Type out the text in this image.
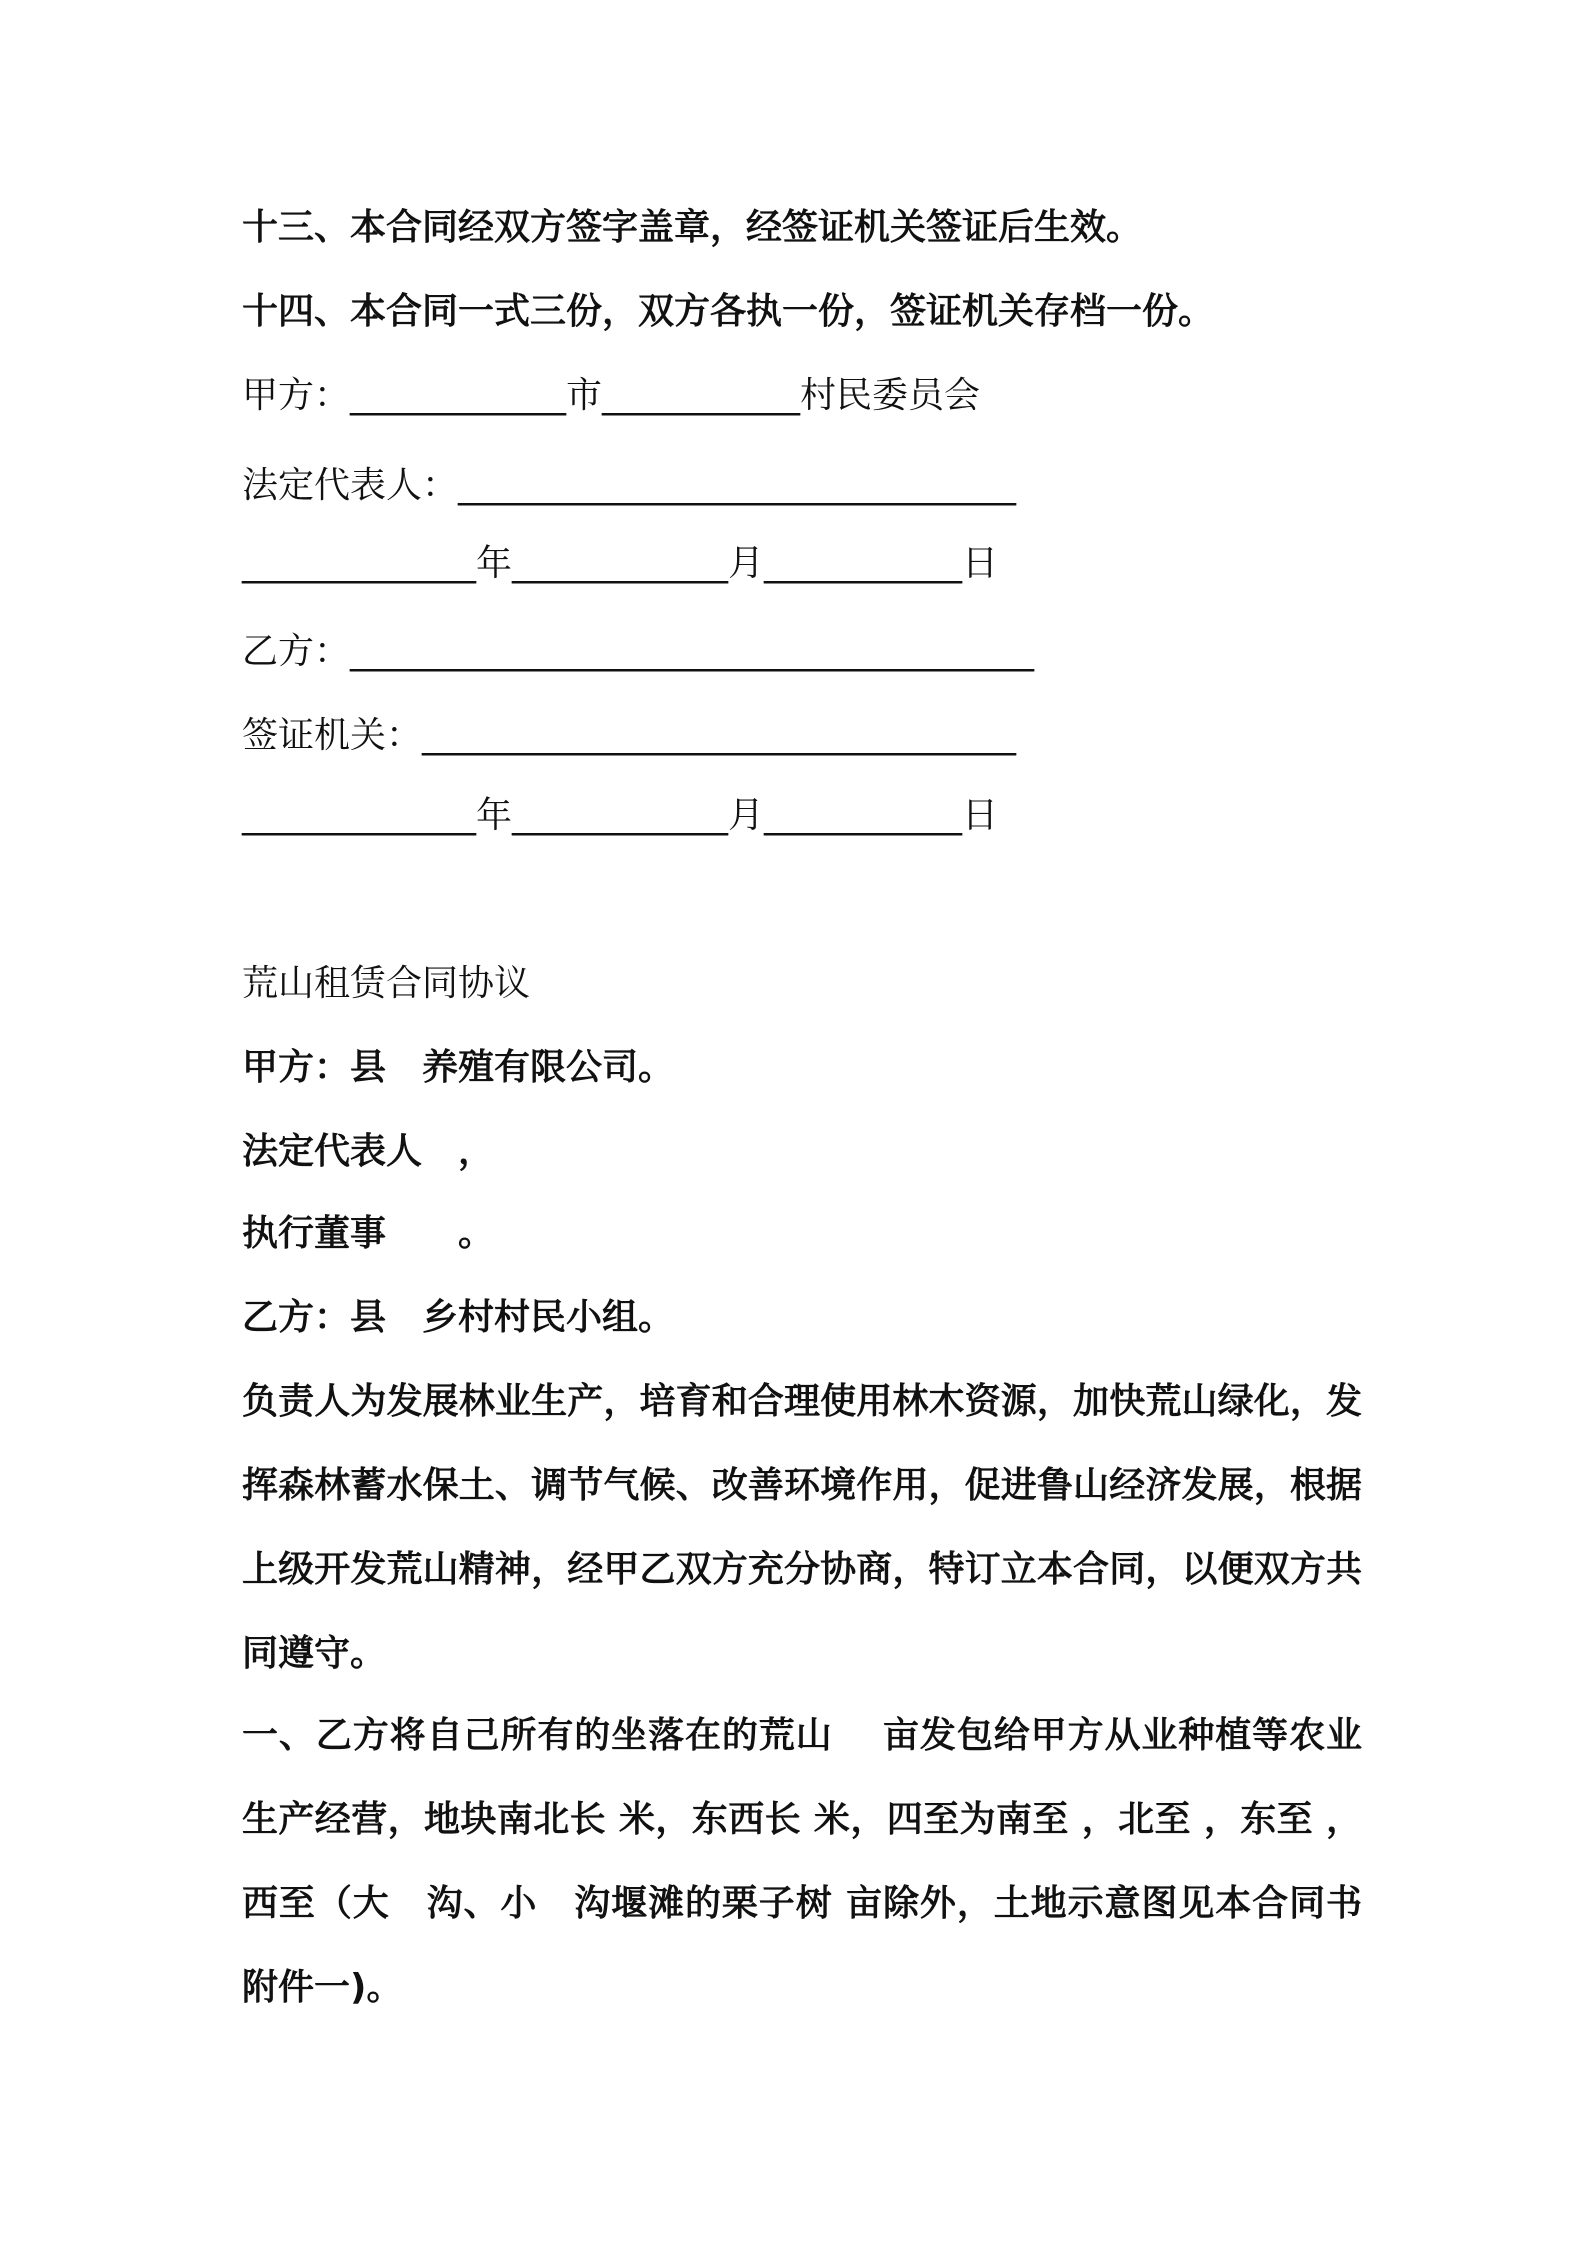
十三、本合同经双方签字盖章，经签证机关签证后生效。
十四、本合同一式三份，双方各执一份，签证机关存档一份。
甲方：____________市___________村民委员会
法定代表人：_______________________________
_____________年____________月___________日
乙方：______________________________________
签证机关：_________________________________
_____________年____________月___________日
荒山租赁合同协议
甲方：县　养殖有限公司。
法定代表人　，
执行董事　　。
乙方：县　乡村村民小组。
负责人为发展林业生产，培育和合理使用林木资源，加快荒山绿化，发挥森林蓄水保土、调节气候、改善环境作用，促进鲁山经济发展，根据上级开发荒山精神，经甲乙双方充分协商，特订立本合同，以便双方共同遵守。
一、乙方将自己所有的坐落在的荒山　 亩发包给甲方从业种植等农业生产经营，地块南北长 米，东西长 米，四至为南至 ，北至 ，东至 ，西至（大　沟、小　沟堰滩的栗子树 亩除外，土地示意图见本合同书附件一)。
